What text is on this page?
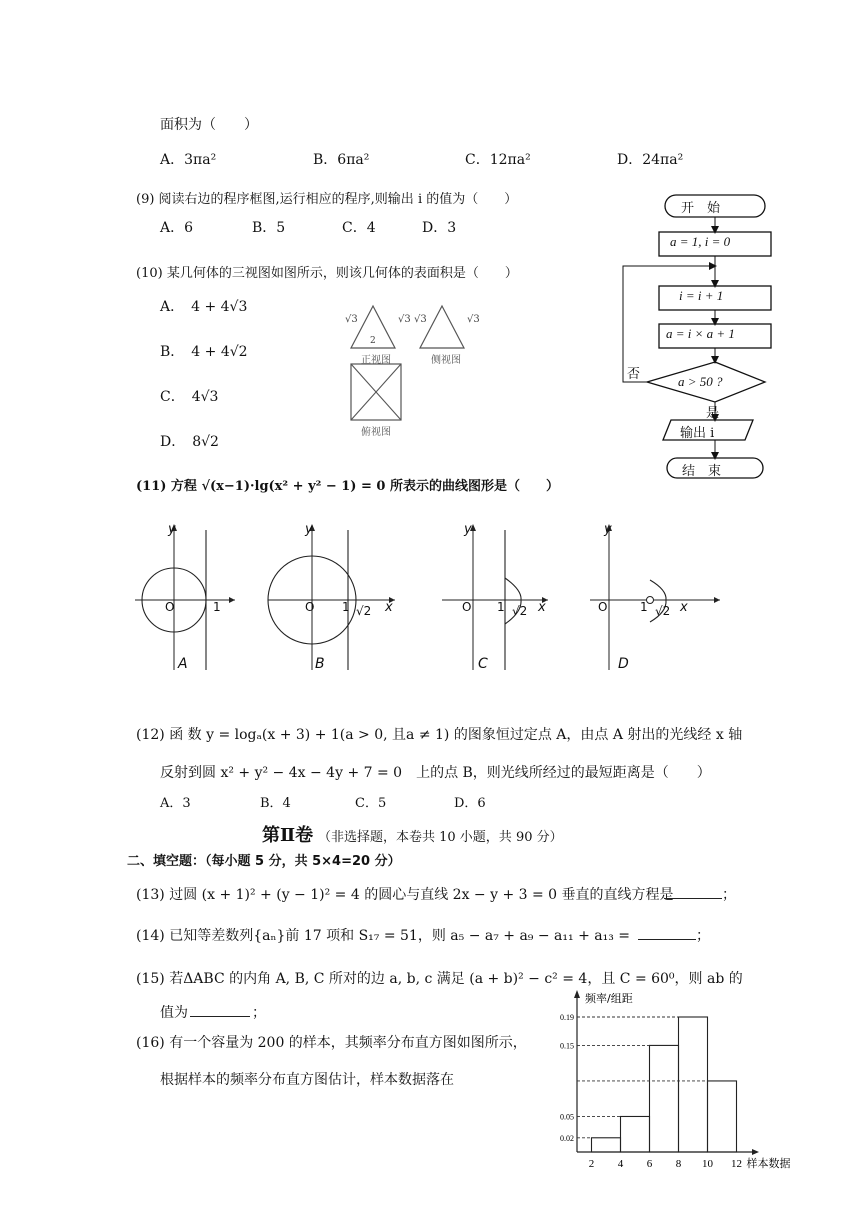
面积为（　　）
A．3πa²	B．6πa²	C．12πa²	D．24πa²
(9) 阅读右边的程序框图,运行相应的程序,则输出 i 的值为（　　）
A．6	B．5	C．4	D．3
开　始
a = 1, i = 0
i = i + 1
a = i × a + 1
a > 50 ?
否
是
输出 i
结　束
(10) 某几何体的三视图如图所示，则该几何体的表面积是（　　）
A．　4 + 4√3
B．　4 + 4√2
C．　4√3
D．　8√2
√3	√3 √3	√3
2
正视图	侧视图
俯视图
(11) 方程 √(x−1)·lg(x² + y² − 1) = 0 所表示的曲线图形是（　　）
y
O	1
A
y
O 1 √2 x
B
y
O 1 √2 x
C
y
O	1 √2 x
D
(12) 函 数 y = logₐ(x + 3) + 1(a > 0, 且a ≠ 1) 的图象恒过定点 A，由点 A 射出的光线经 x 轴
反射到圆 x² + y² − 4x − 4y + 7 = 0　上的点 B，则光线所经过的最短距离是（　　）
A．3	B．4	C．5	D．6
第Ⅱ卷 （非选择题，本卷共 10 小题，共 90 分）
二、填空题：（每小题 5 分，共 5×4=20 分）
(13) 过圆 (x + 1)² + (y − 1)² = 4 的圆心与直线 2x − y + 3 = 0 垂直的直线方程是	；
(14) 已知等差数列{aₙ}前 17 项和 S₁₇ = 51，则 a₅ − a₇ + a₉ − a₁₁ + a₁₃ =	；
(15) 若ΔABC 的内角 A, B, C 所对的边 a, b, c 满足 (a + b)² − c² = 4，且 C = 60⁰，则 ab 的
值为	；
(16) 有一个容量为 200 的样本，其频率分布直方图如图所示，
根据样本的频率分布直方图估计，样本数据落在
0.02
0.05
0.15
0.19
2 4 6 8 10 12 样本数据
频率/组距
